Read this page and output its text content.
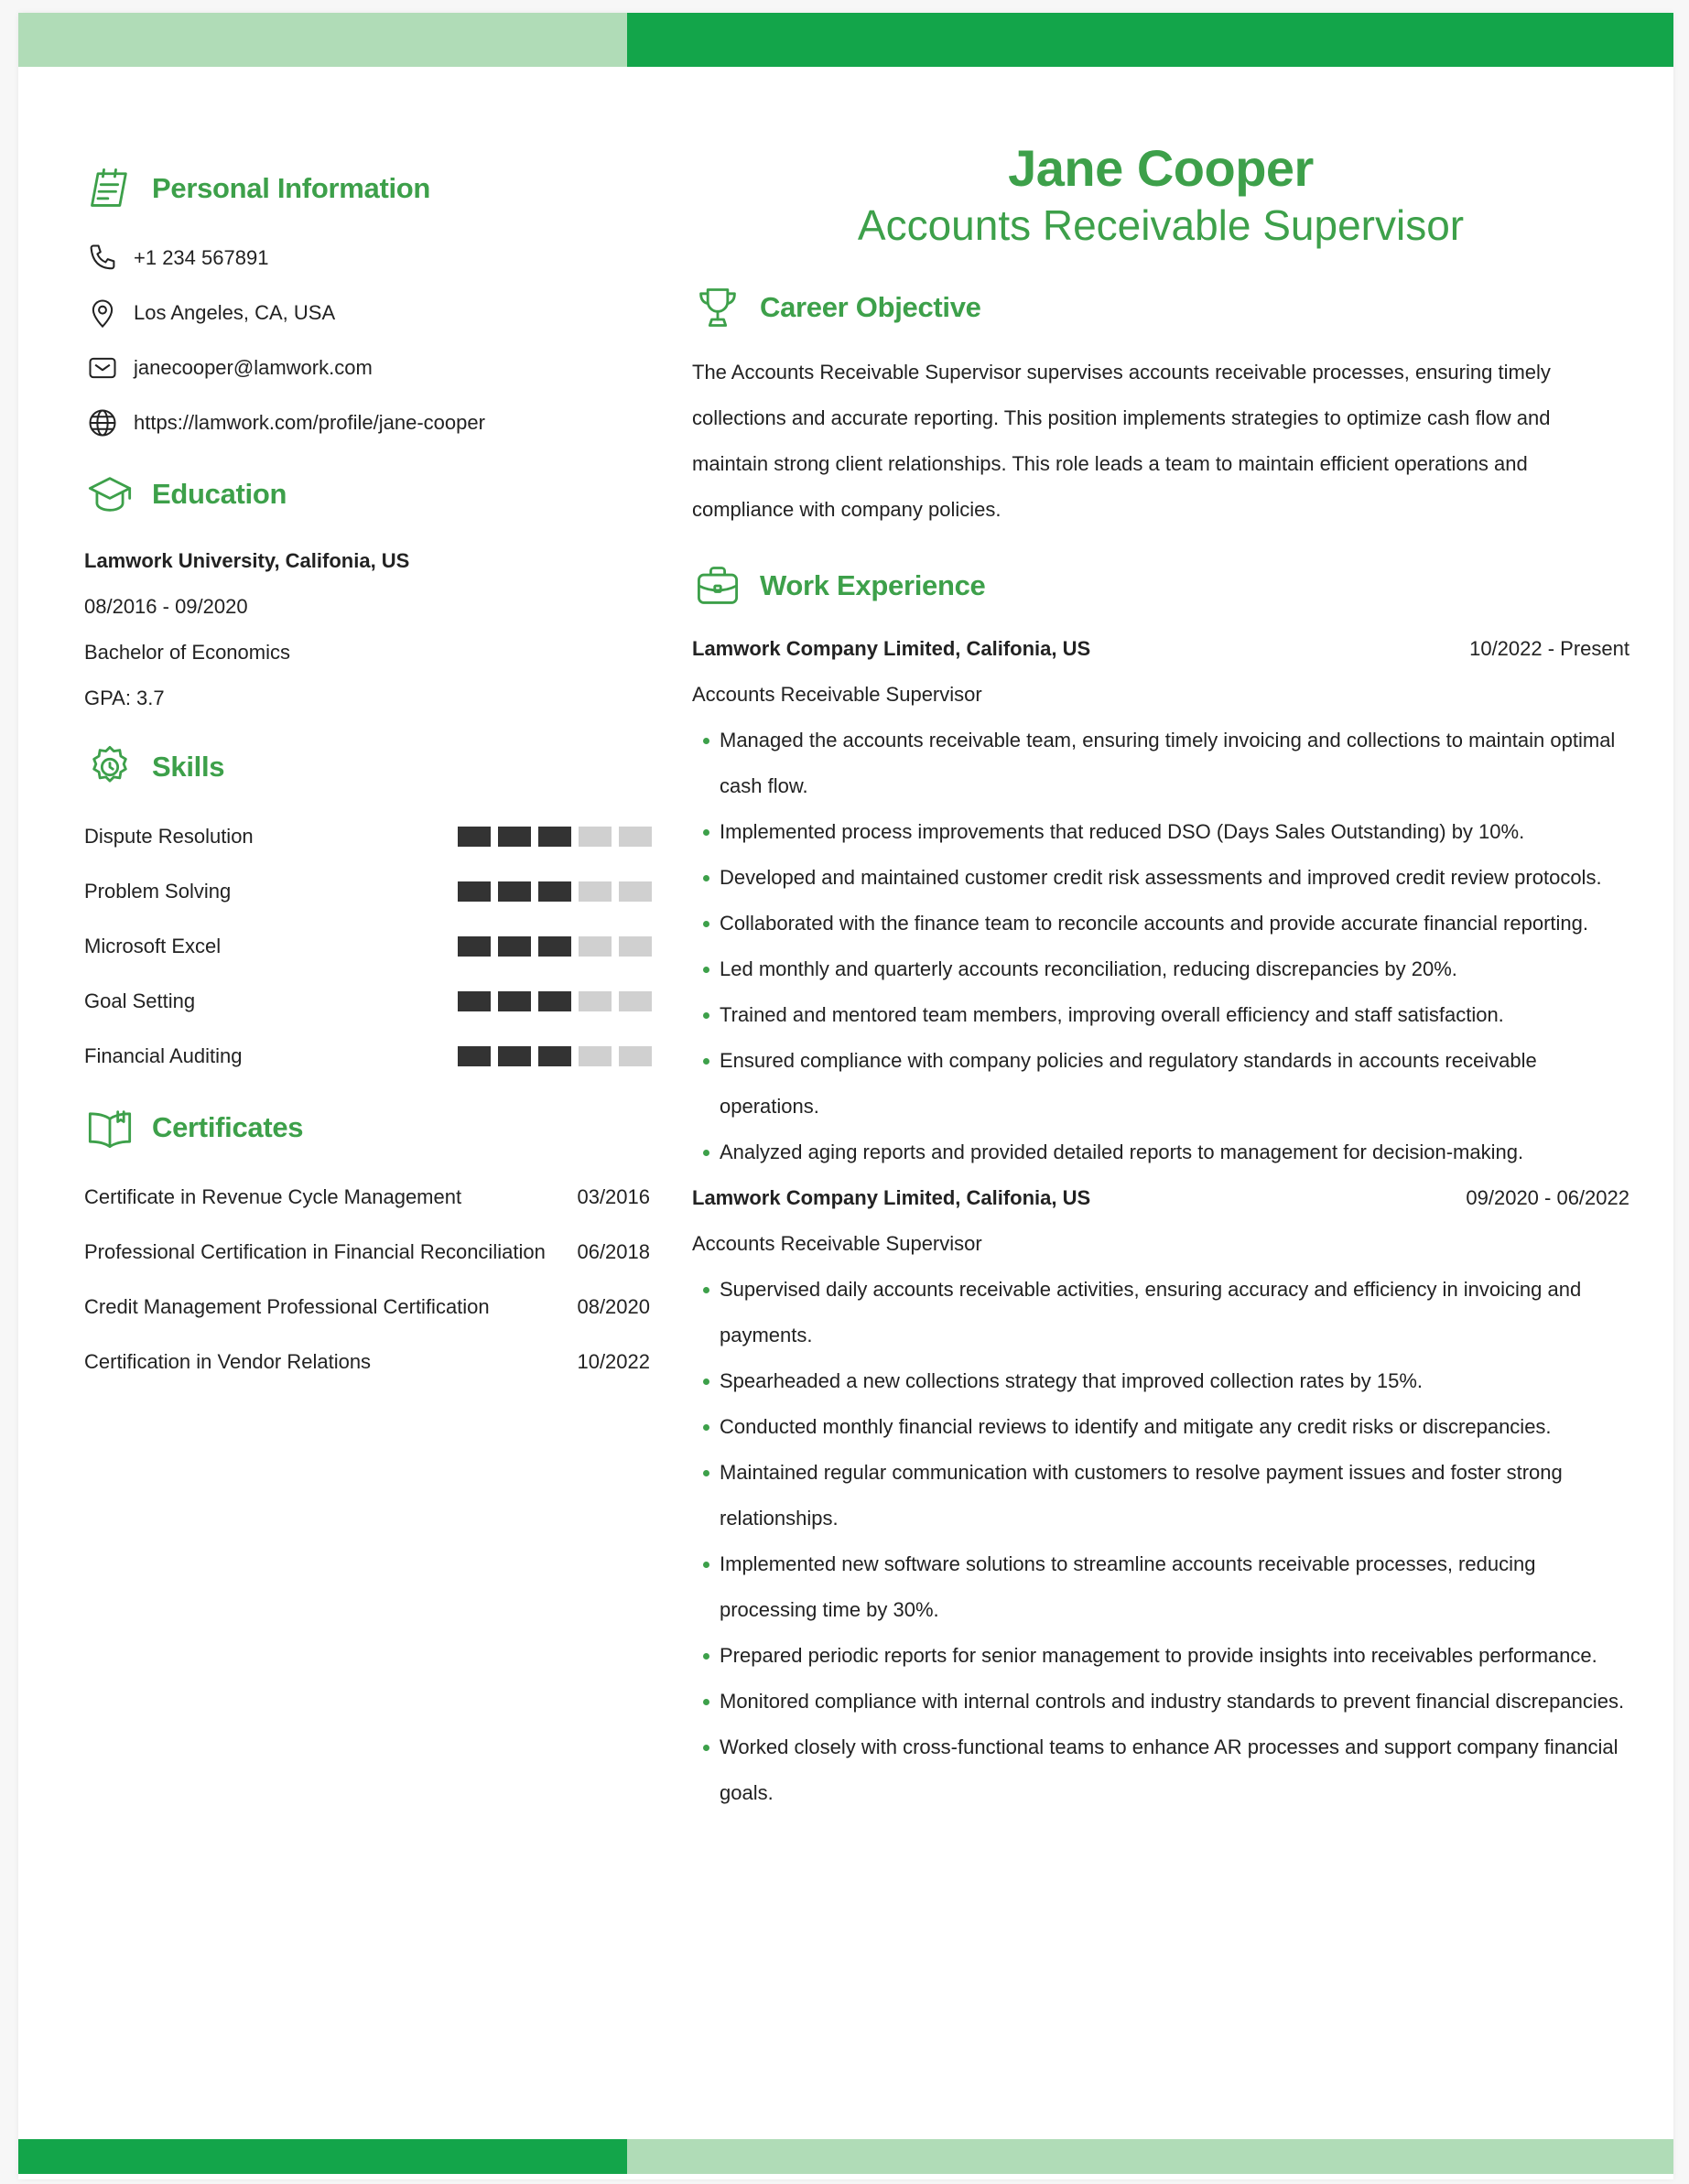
Personal Information
+1 234 567891
Los Angeles, CA, USA
janecooper@lamwork.com
https://lamwork.com/profile/jane-cooper
Education
Lamwork University, Califonia, US
08/2016 - 09/2020
Bachelor of Economics
GPA: 3.7
Skills
Dispute Resolution
Problem Solving
Microsoft Excel
Goal Setting
Financial Auditing
Certificates
Certificate in Revenue Cycle Management	03/2016
Professional Certification in Financial Reconciliation 06/2018
Credit Management Professional Certification	08/2020
Certification in Vendor Relations	10/2022
Jane Cooper
Accounts Receivable Supervisor
Career Objective
The Accounts Receivable Supervisor supervises accounts receivable processes, ensuring timely collections and accurate reporting. This position implements strategies to optimize cash flow and maintain strong client relationships. This role leads a team to maintain efficient operations and compliance with company policies.
Work Experience
Lamwork Company Limited, Califonia, US	10/2022 - Present
Accounts Receivable Supervisor
Managed the accounts receivable team, ensuring timely invoicing and collections to maintain optimal cash flow.
Implemented process improvements that reduced DSO (Days Sales Outstanding) by 10%.
Developed and maintained customer credit risk assessments and improved credit review protocols.
Collaborated with the finance team to reconcile accounts and provide accurate financial reporting.
Led monthly and quarterly accounts reconciliation, reducing discrepancies by 20%.
Trained and mentored team members, improving overall efficiency and staff satisfaction.
Ensured compliance with company policies and regulatory standards in accounts receivable operations.
Analyzed aging reports and provided detailed reports to management for decision-making.
Lamwork Company Limited, Califonia, US	09/2020 - 06/2022
Accounts Receivable Supervisor
Supervised daily accounts receivable activities, ensuring accuracy and efficiency in invoicing and payments.
Spearheaded a new collections strategy that improved collection rates by 15%.
Conducted monthly financial reviews to identify and mitigate any credit risks or discrepancies.
Maintained regular communication with customers to resolve payment issues and foster strong relationships.
Implemented new software solutions to streamline accounts receivable processes, reducing processing time by 30%.
Prepared periodic reports for senior management to provide insights into receivables performance.
Monitored compliance with internal controls and industry standards to prevent financial discrepancies.
Worked closely with cross-functional teams to enhance AR processes and support company financial goals.
